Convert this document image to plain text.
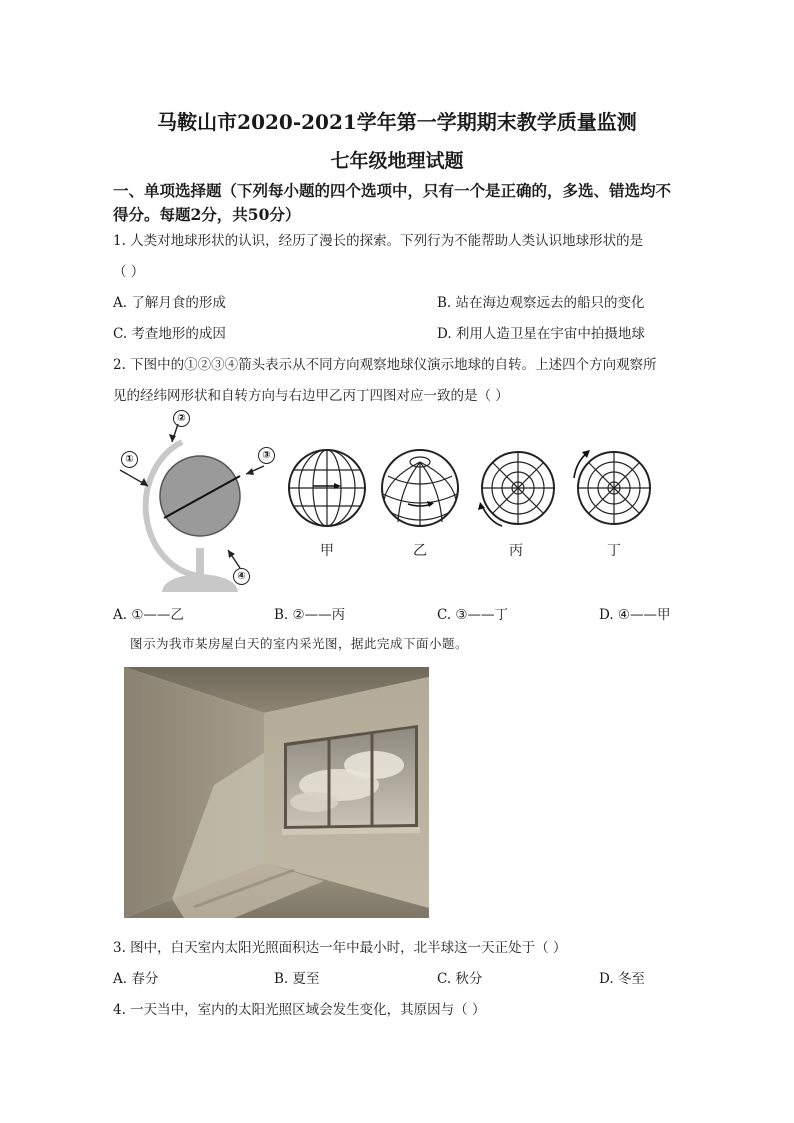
马鞍山市2020-2021学年第一学期期末教学质量监测
七年级地理试题
一、单项选择题（下列每小题的四个选项中，只有一个是正确的，多选、错选均不得分。每题2分，共50分）
1. 人类对地球形状的认识，经历了漫长的探索。下列行为不能帮助人类认识地球形状的是
（ ）
A. 了解月食的形成	B. 站在海边观察远去的船只的变化
C. 考查地形的成因	D. 利用人造卫星在宇宙中拍摄地球
2. 下图中的①②③④箭头表示从不同方向观察地球仪演示地球的自转。上述四个方向观察所
见的经纬网形状和自转方向与右边甲乙丙丁四图对应一致的是（ ）
①
②
③
④
甲	乙	丙	丁
A. ①——乙	B. ②——丙	C. ③——丁	D. ④——甲
图示为我市某房屋白天的室内采光图，据此完成下面小题。
3. 图中，白天室内太阳光照面积达一年中最小时，北半球这一天正处于（ ）
A. 春分	B. 夏至	C. 秋分	D. 冬至
4. 一天当中，室内的太阳光照区域会发生变化，其原因与（ ）
